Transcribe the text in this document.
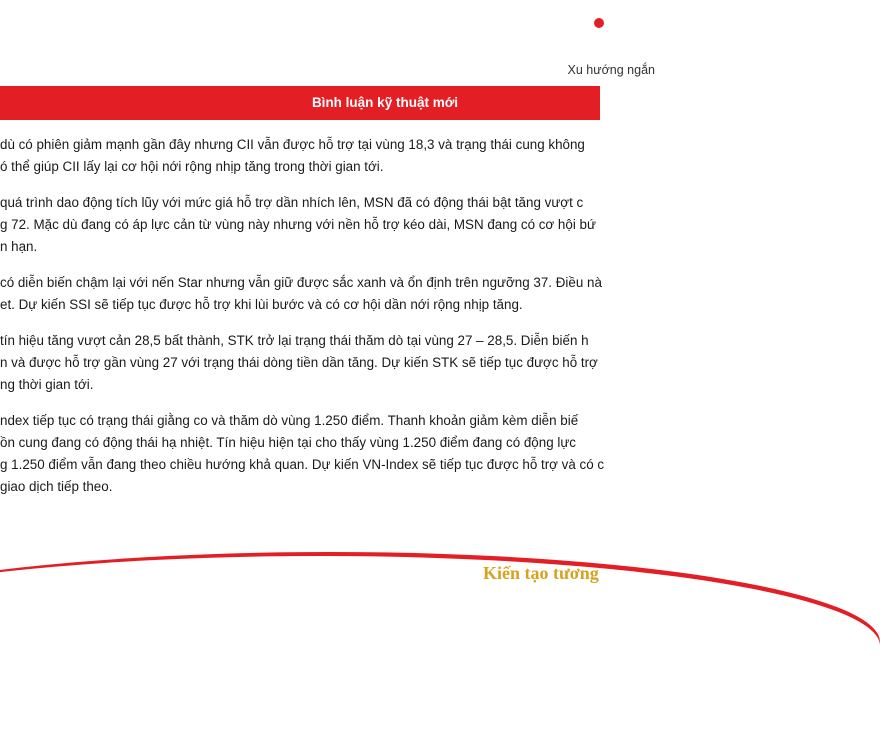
Xu hướng ngắn
Bình luận kỹ thuật mới

dù có phiên giảm mạnh gần đây nhưng CII vẫn được hỗ trợ tại vùng 18,3 và trạng thái cung không
ó thể giúp CII lấy lại cơ hội nới rộng nhịp tăng trong thời gian tới.

quá trình dao động tích lũy với mức giá hỗ trợ dần nhích lên, MSN đã có động thái bật tăng vượt c
g 72. Mặc dù đang có áp lực cản từ vùng này nhưng với nền hỗ trợ kéo dài, MSN đang có cơ hội bứ
n hạn.

có diễn biến chậm lại với nến Star nhưng vẫn giữ được sắc xanh và ổn định trên ngưỡng 37. Điều nà
et. Dự kiến SSI sẽ tiếp tục được hỗ trợ khi lùi bước và có cơ hội dần nới rộng nhịp tăng.

tín hiệu tăng vượt cản 28,5 bất thành, STK trở lại trạng thái thăm dò tại vùng 27 – 28,5. Diễn biến h
n và được hỗ trợ gần vùng 27 với trạng thái dòng tiền dần tăng. Dự kiến STK sẽ tiếp tục được hỗ trợ
ng thời gian tới.

ndex tiếp tục có trạng thái giằng co và thăm dò vùng 1.250 điểm. Thanh khoản giảm kèm diễn biế
ồn cung đang có động thái hạ nhiệt. Tín hiệu hiện tại cho thấy vùng 1.250 điểm đang có động lực
g 1.250 điểm vẫn đang theo chiều hướng khả quan. Dự kiến VN-Index sẽ tiếp tục được hỗ trợ và có c
giao dịch tiếp theo.

Kiến tạo tương
